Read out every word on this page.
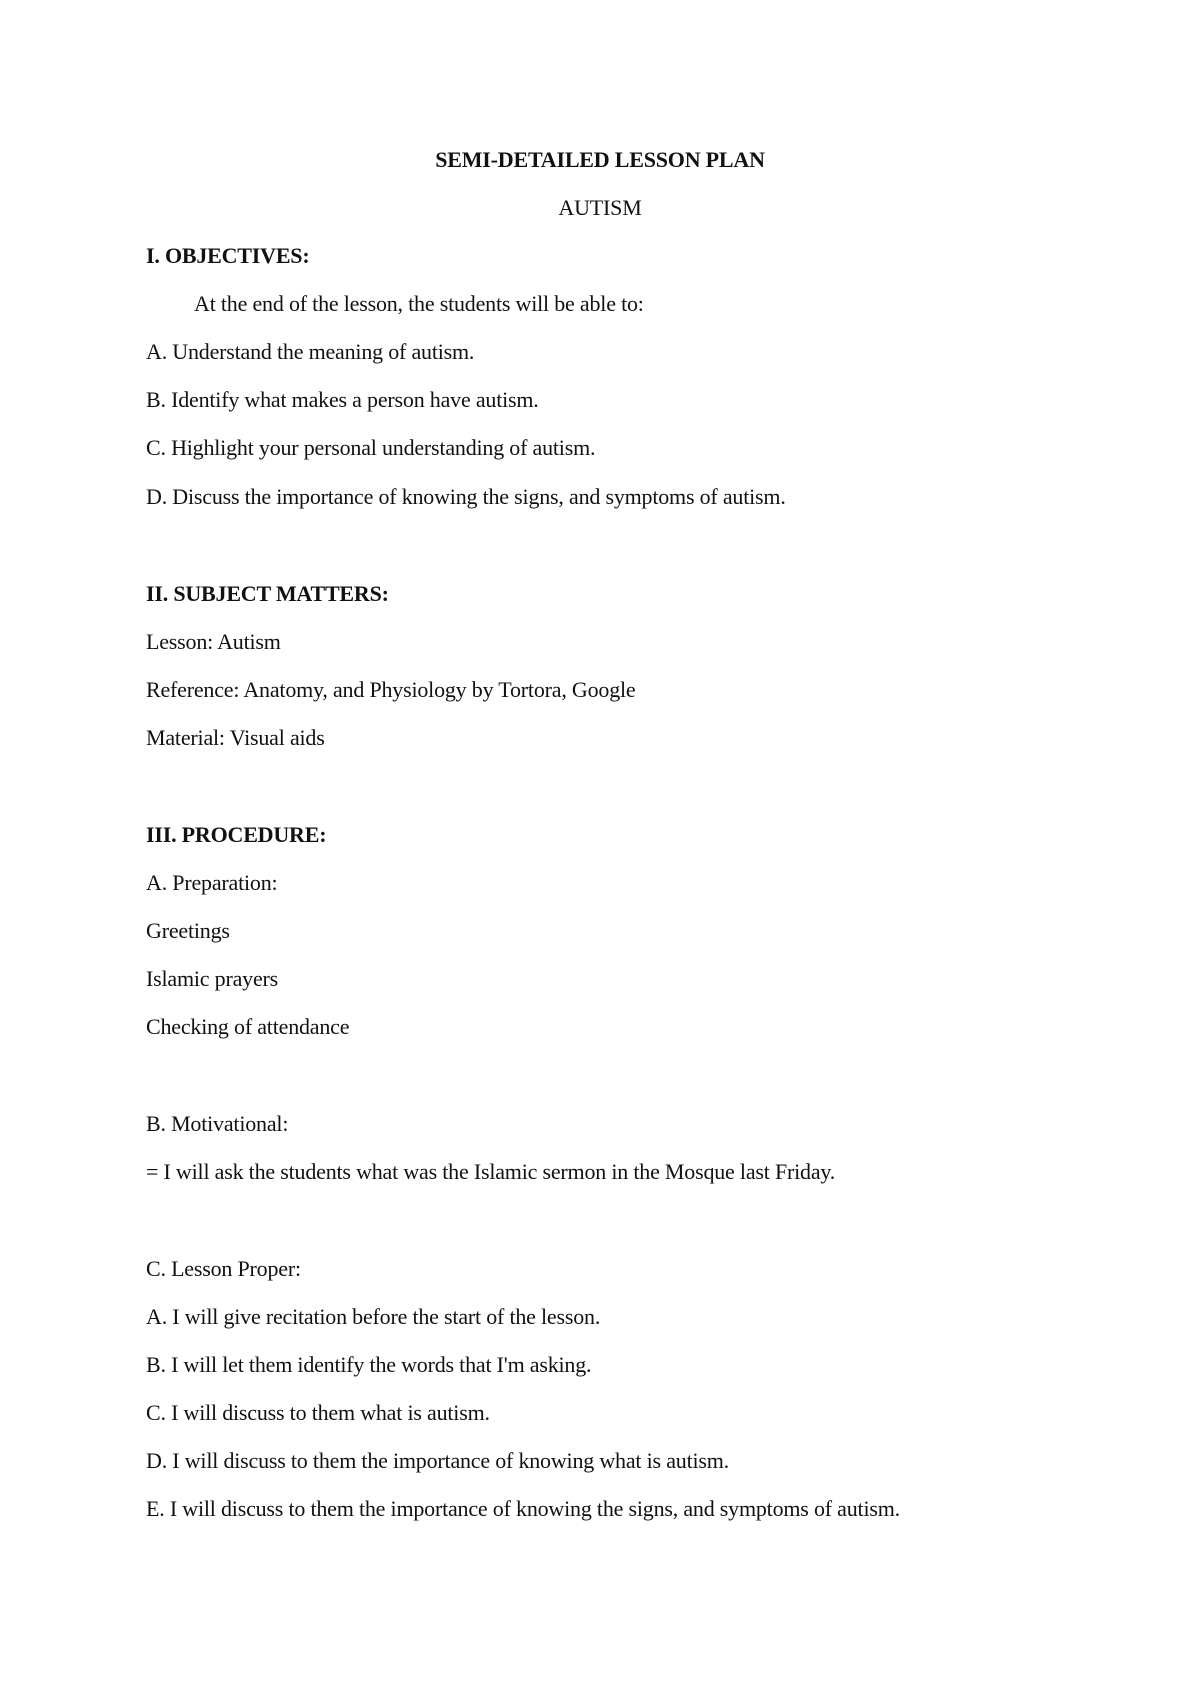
SEMI-DETAILED LESSON PLAN
AUTISM
I. OBJECTIVES:
At the end of the lesson, the students will be able to:
A. Understand the meaning of autism.
B. Identify what makes a person have autism.
C. Highlight your personal understanding of autism.
D. Discuss the importance of knowing the signs, and symptoms of autism.
II. SUBJECT MATTERS:
Lesson: Autism
Reference: Anatomy, and Physiology by Tortora, Google
Material: Visual aids
III. PROCEDURE:
A. Preparation:
Greetings
Islamic prayers
Checking of attendance
B. Motivational:
= I will ask the students what was the Islamic sermon in the Mosque last Friday.
C. Lesson Proper:
A. I will give recitation before the start of the lesson.
B. I will let them identify the words that I'm asking.
C. I will discuss to them what is autism.
D. I will discuss to them the importance of knowing what is autism.
E. I will discuss to them the importance of knowing the signs, and symptoms of autism.
